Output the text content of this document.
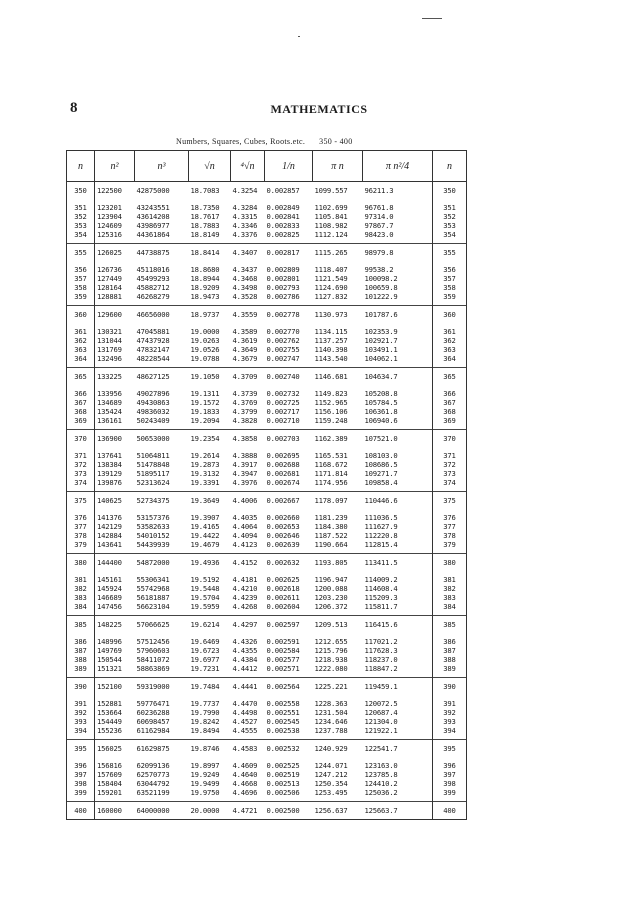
8	MATHEMATICS
Numbers, Squares, Cubes, Roots.etc. 350 - 400
n	n²	n³	√n	⁴√n	1/n	π n	π n²/4	n
350	122500	42875000	18.7083	4.3254	0.002857	1099.557	96211.3	350
351	123201	43243551	18.7350	4.3284	0.002849	1102.699	96761.8	351
352	123904	43614208	18.7617	4.3315	0.002841	1105.841	97314.0	352
353	124609	43986977	18.7883	4.3346	0.002833	1108.982	97867.7	353
354	125316	44361864	18.8149	4.3376	0.002825	1112.124	98423.0	354
355	126025	44738875	18.8414	4.3407	0.002817	1115.265	98979.8	355
356	126736	45118016	18.8680	4.3437	0.002809	1118.407	99538.2	356
357	127449	45499293	18.8944	4.3468	0.002801	1121.549	100098.2	357
358	128164	45882712	18.9209	4.3498	0.002793	1124.690	100659.8	358
359	128881	46268279	18.9473	4.3528	0.002786	1127.832	101222.9	359
360	129600	46656000	18.9737	4.3559	0.002778	1130.973	101787.6	360
361	130321	47045881	19.0000	4.3589	0.002770	1134.115	102353.9	361
362	131044	47437928	19.0263	4.3619	0.002762	1137.257	102921.7	362
363	131769	47832147	19.0526	4.3649	0.002755	1140.398	103491.1	363
364	132496	48228544	19.0788	4.3679	0.002747	1143.540	104062.1	364
365	133225	48627125	19.1050	4.3709	0.002740	1146.681	104634.7	365
366	133956	49027896	19.1311	4.3739	0.002732	1149.823	105208.8	366
367	134689	49430863	19.1572	4.3769	0.002725	1152.965	105784.5	367
368	135424	49836032	19.1833	4.3799	0.002717	1156.106	106361.8	368
369	136161	50243409	19.2094	4.3828	0.002710	1159.248	106940.6	369
370	136900	50653000	19.2354	4.3858	0.002703	1162.389	107521.0	370
371	137641	51064811	19.2614	4.3888	0.002695	1165.531	108103.0	371
372	138384	51478848	19.2873	4.3917	0.002688	1168.672	108686.5	372
373	139129	51895117	19.3132	4.3947	0.002681	1171.814	109271.7	373
374	139876	52313624	19.3391	4.3976	0.002674	1174.956	109858.4	374
375	140625	52734375	19.3649	4.4006	0.002667	1178.097	110446.6	375
376	141376	53157376	19.3907	4.4035	0.002660	1181.239	111036.5	376
377	142129	53582633	19.4165	4.4064	0.002653	1184.380	111627.9	377
378	142884	54010152	19.4422	4.4094	0.002646	1187.522	112220.8	378
379	143641	54439939	19.4679	4.4123	0.002639	1190.664	112815.4	379
380	144400	54872000	19.4936	4.4152	0.002632	1193.805	113411.5	380
381	145161	55306341	19.5192	4.4181	0.002625	1196.947	114009.2	381
382	145924	55742968	19.5448	4.4210	0.002618	1200.088	114608.4	382
383	146689	56181887	19.5704	4.4239	0.002611	1203.230	115209.3	383
384	147456	56623104	19.5959	4.4268	0.002604	1206.372	115811.7	384
385	148225	57066625	19.6214	4.4297	0.002597	1209.513	116415.6	385
386	148996	57512456	19.6469	4.4326	0.002591	1212.655	117021.2	386
387	149769	57960603	19.6723	4.4355	0.002584	1215.796	117628.3	387
388	150544	58411072	19.6977	4.4384	0.002577	1218.938	118237.0	388
389	151321	58863869	19.7231	4.4412	0.002571	1222.080	118847.2	389
390	152100	59319000	19.7484	4.4441	0.002564	1225.221	119459.1	390
391	152881	59776471	19.7737	4.4470	0.002558	1228.363	120072.5	391
392	153664	60236288	19.7990	4.4498	0.002551	1231.504	120687.4	392
393	154449	60698457	19.8242	4.4527	0.002545	1234.646	121304.0	393
394	155236	61162984	19.8494	4.4555	0.002538	1237.788	121922.1	394
395	156025	61629875	19.8746	4.4583	0.002532	1240.929	122541.7	395
396	156816	62099136	19.8997	4.4609	0.002525	1244.071	123163.0	396
397	157609	62570773	19.9249	4.4640	0.002519	1247.212	123785.8	397
398	158404	63044792	19.9499	4.4668	0.002513	1250.354	124410.2	398
399	159201	63521199	19.9750	4.4696	0.002506	1253.495	125036.2	399
400	160000	64000000	20.0000	4.4721	0.002500	1256.637	125663.7	400
